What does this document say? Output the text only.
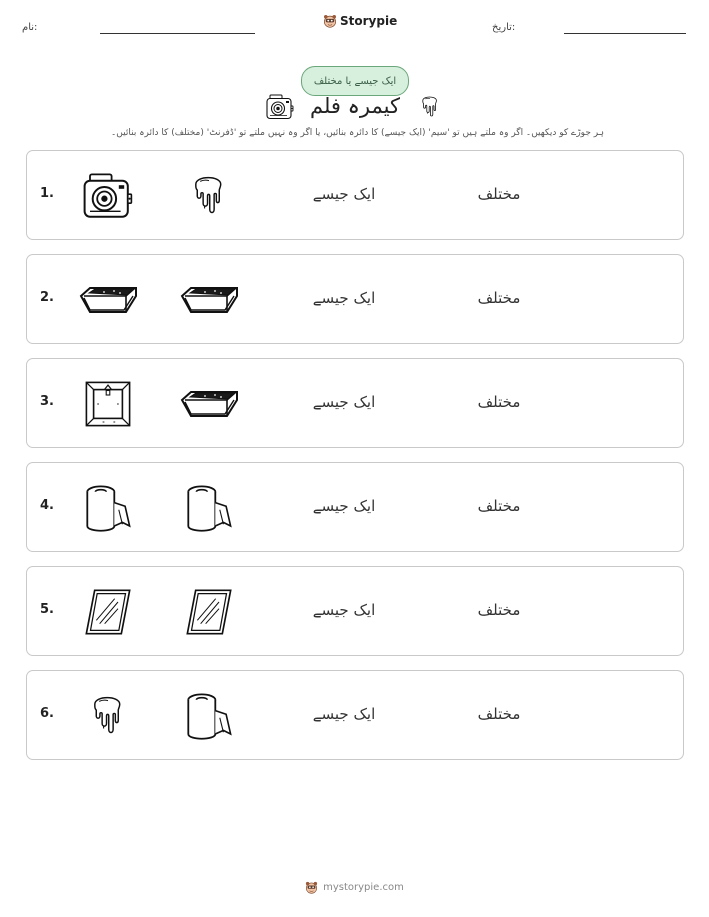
نام:	Storypie	تاریخ:
ایک جیسے یا مختلف
کیمرہ فلم
ہر جوڑے کو دیکھیں۔ اگر وہ ملتے ہیں تو 'سیم' (ایک جیسے) کا دائرہ بنائیں، یا اگر وہ نہیں ملتے تو 'ڈفرنٹ' (مختلف) کا دائرہ بنائیں۔
1.	ایک جیسے	مختلف
2.	ایک جیسے	مختلف
3.	ایک جیسے	مختلف
4.	ایک جیسے	مختلف
5.	ایک جیسے	مختلف
6.	ایک جیسے	مختلف
mystorypie.com
